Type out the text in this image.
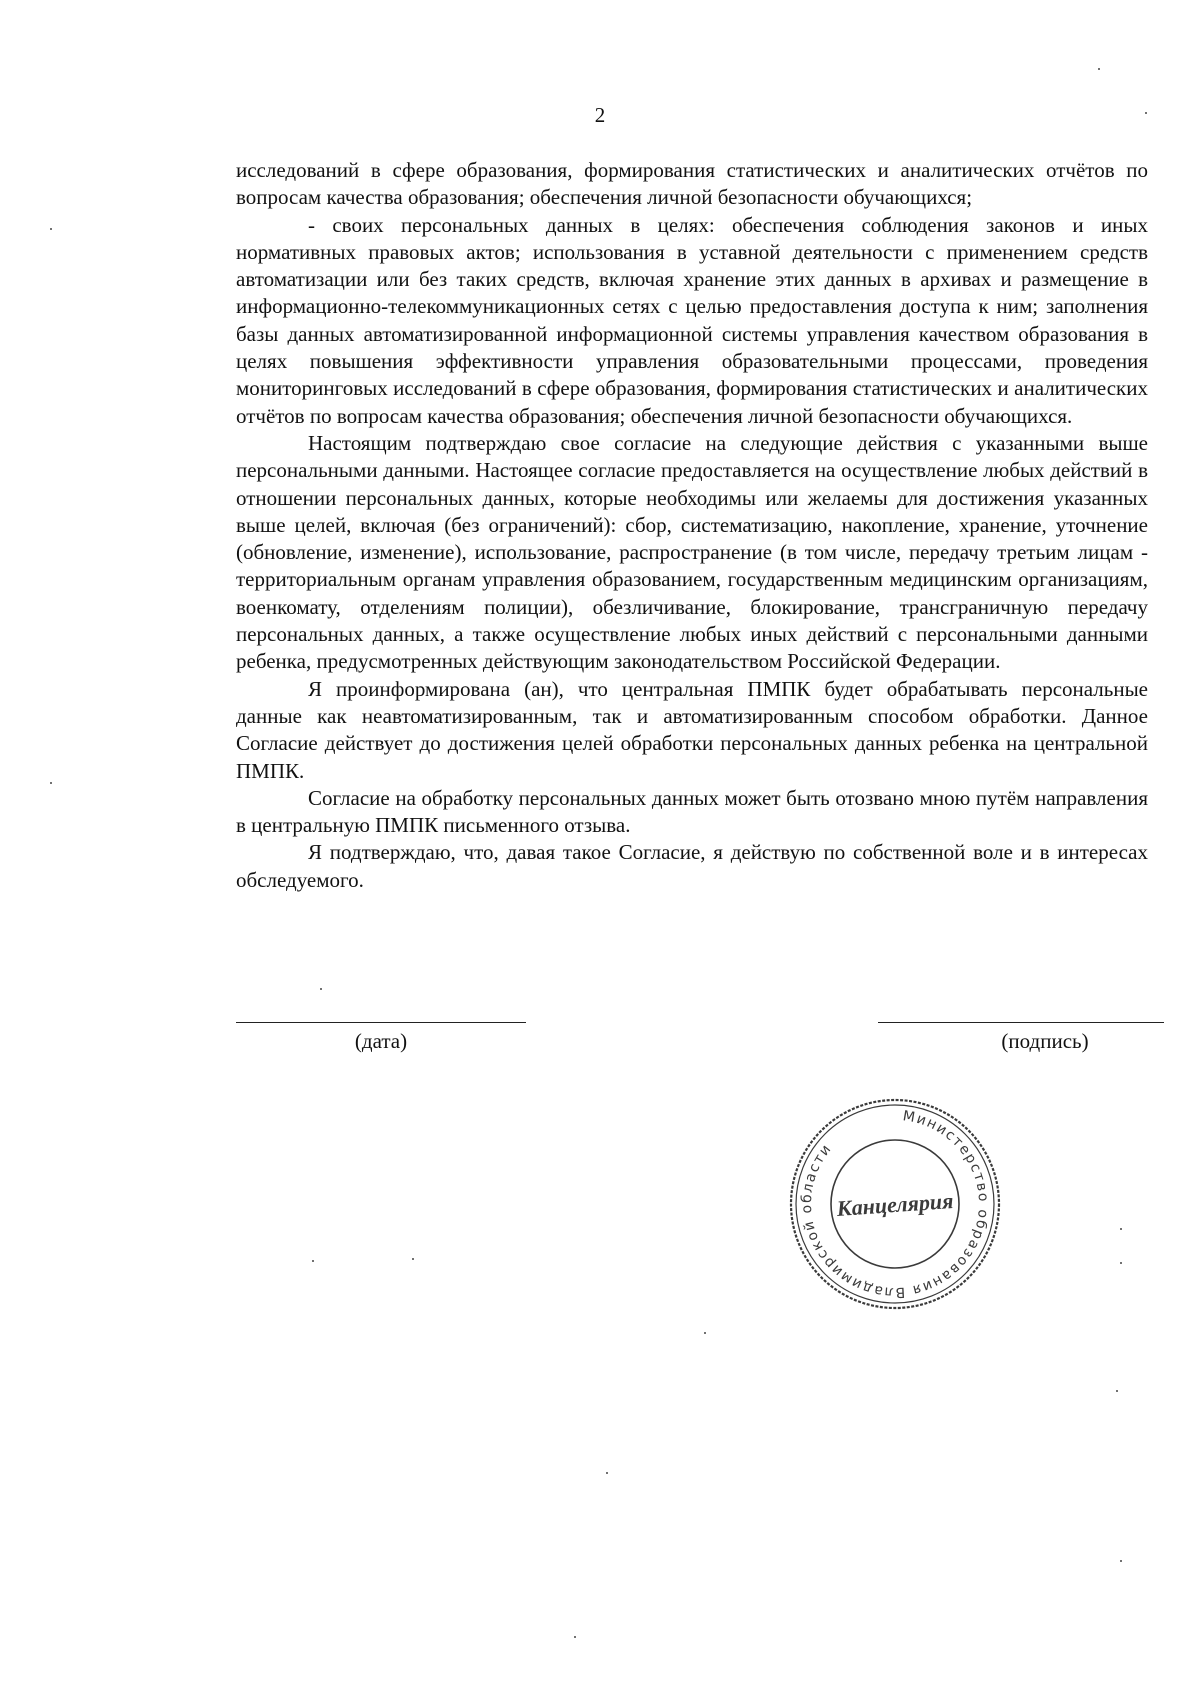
2

исследований в сфере образования, формирования статистических и аналитических отчётов по вопросам качества образования; обеспечения личной безопасности обучающихся;

- своих персональных данных в целях: обеспечения соблюдения законов и иных нормативных правовых актов; использования в уставной деятельности с применением средств автоматизации или без таких средств, включая хранение этих данных в архивах и размещение в информационно-телекоммуникационных сетях с целью предоставления доступа к ним; заполнения базы данных автоматизированной информационной системы управления качеством образования в целях повышения эффективности управления образовательными процессами, проведения мониторинговых исследований в сфере образования, формирования статистических и аналитических отчётов по вопросам качества образования; обеспечения личной безопасности обучающихся.

Настоящим подтверждаю свое согласие на следующие действия с указанными выше персональными данными. Настоящее согласие предоставляется на осуществление любых действий в отношении персональных данных, которые необходимы или желаемы для достижения указанных выше целей, включая (без ограничений): сбор, систематизацию, накопление, хранение, уточнение (обновление, изменение), использование, распространение (в том числе, передачу третьим лицам - территориальным органам управления образованием, государственным медицинским организациям, военкомату, отделениям полиции), обезличивание, блокирование, трансграничную передачу персональных данных, а также осуществление любых иных действий с персональными данными ребенка, предусмотренных действующим законодательством Российской Федерации.

Я проинформирована (ан), что центральная ПМПК будет обрабатывать персональные данные как неавтоматизированным, так и автоматизированным способом обработки. Данное Согласие действует до достижения целей обработки персональных данных ребенка на центральной ПМПК.

Согласие на обработку персональных данных может быть отозвано мною путём направления в центральную ПМПК письменного отзыва.

Я подтверждаю, что, давая такое Согласие, я действую по собственной воле и в интересах обследуемого.

(дата)	(подпись)
Министерство образования Владимирской области
Канцелярия
